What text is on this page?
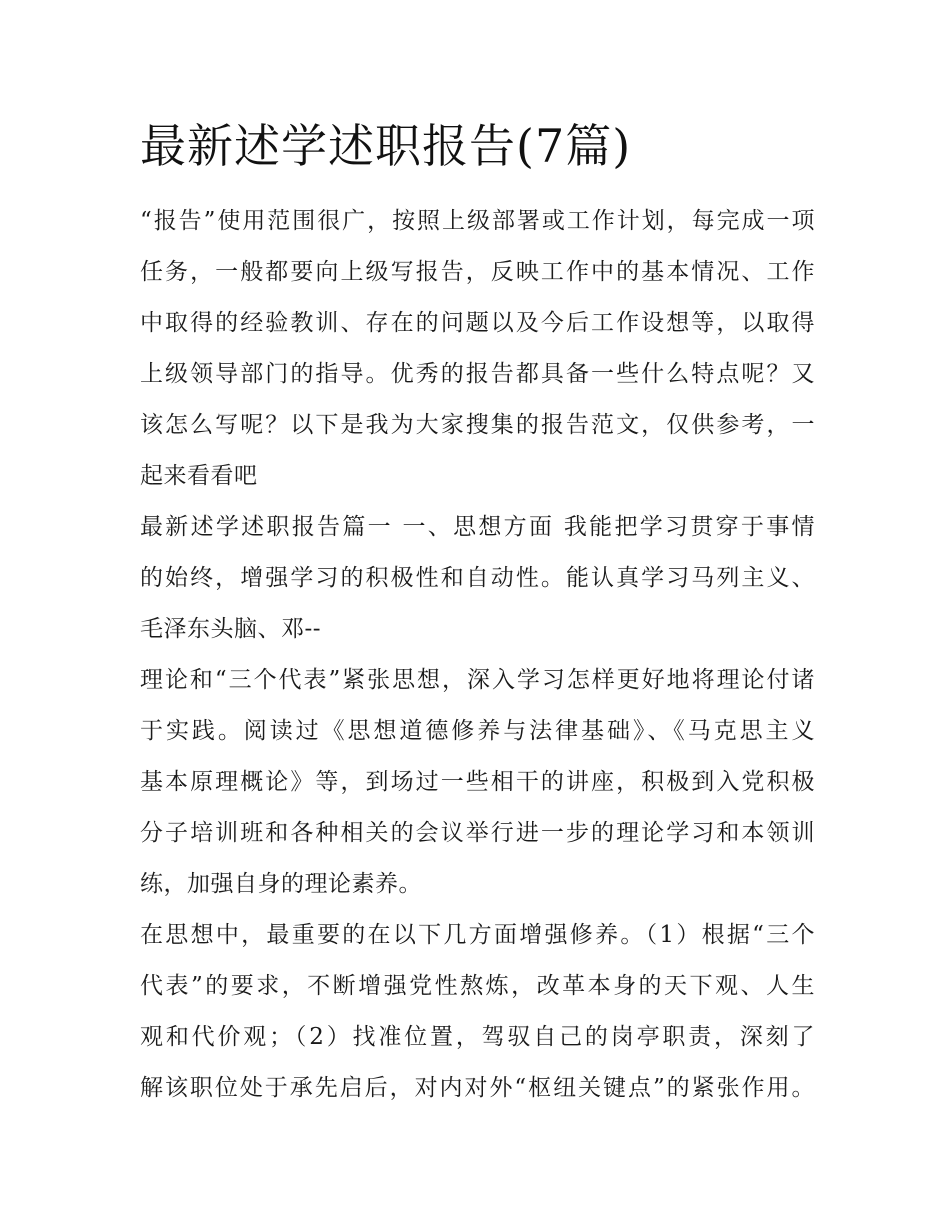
最新述学述职报告(7篇)

“报告”使用范围很广，按照上级部署或工作计划，每完成一项
任务，一般都要向上级写报告，反映工作中的基本情况、工作
中取得的经验教训、存在的问题以及今后工作设想等，以取得
上级领导部门的指导。优秀的报告都具备一些什么特点呢？又
该怎么写呢？以下是我为大家搜集的报告范文，仅供参考，一
起来看看吧

最新述学述职报告篇一 一、思想方面 我能把学习贯穿于事情
的始终，增强学习的积极性和自动性。能认真学习马列主义、
毛泽东头脑、邓--

理论和“三个代表”紧张思想，深入学习怎样更好地将理论付诸
于实践。阅读过《思想道德修养与法律基础》、《马克思主义
基本原理概论》等，到场过一些相干的讲座，积极到入党积极
分子培训班和各种相关的会议举行进一步的理论学习和本领训
练，加强自身的理论素养。

在思想中，最重要的在以下几方面增强修养。（1）根据“三个
代表”的要求，不断增强党性熬炼，改革本身的天下观、人生
观和代价观；（2）找准位置，驾驭自己的岗亭职责，深刻了
解该职位处于承先启后，对内对外“枢纽关键点”的紧张作用。
